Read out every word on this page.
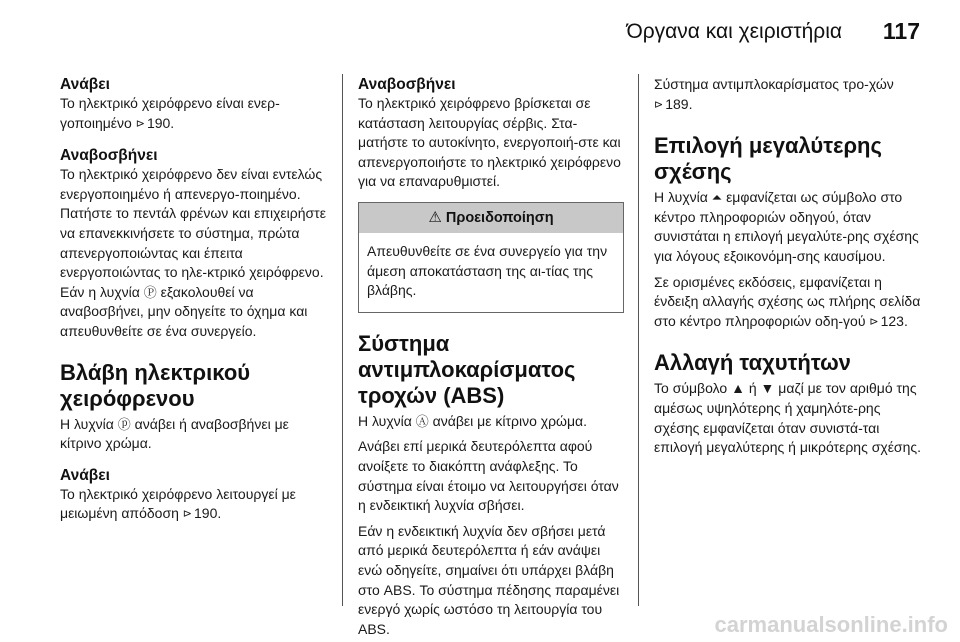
Όργανα και χειριστήρια 117

Ανάβει

Το ηλεκτρικό χειρόφρενο είναι ενερ-γοποιημένο ⊳ 190.

Αναβοσβήνει

Το ηλεκτρικό χειρόφρενο δεν είναι εντελώς ενεργοποιημένο ή απενεργο-ποιημένο. Πατήστε το πεντάλ φρένων και επιχειρήστε να επανεκκινήσετε το σύστημα, πρώτα απενεργοποιώντας και έπειτα ενεργοποιώντας το ηλε-κτρικό χειρόφρενο. Εάν η λυχνία Ⓟ εξακολουθεί να αναβοσβήνει, μην οδηγείτε το όχημα και απευθυνθείτε σε ένα συνεργείο.

Βλάβη ηλεκτρικού χειρόφρενου

Η λυχνία ⓟ ανάβει ή αναβοσβήνει με κίτρινο χρώμα.

Ανάβει

Το ηλεκτρικό χειρόφρενο λειτουργεί με μειωμένη απόδοση ⊳ 190.

Αναβοσβήνει

Το ηλεκτρικό χειρόφρενο βρίσκεται σε κατάσταση λειτουργίας σέρβις. Στα-ματήστε το αυτοκίνητο, ενεργοποιή-στε και απενεργοποιήστε το ηλεκτρικό χειρόφρενο για να επαναρυθμιστεί.

⚠ Προειδοποίηση

Απευθυνθείτε σε ένα συνεργείο για την άμεση αποκατάσταση της αι-τίας της βλάβης.

Σύστημα αντιμπλοκαρίσματος τροχών (ABS)

Η λυχνία Ⓐ ανάβει με κίτρινο χρώμα.

Ανάβει επί μερικά δευτερόλεπτα αφού ανοίξετε το διακόπτη ανάφλεξης. Το σύστημα είναι έτοιμο να λειτουργήσει όταν η ενδεικτική λυχνία σβήσει.

Εάν η ενδεικτική λυχνία δεν σβήσει μετά από μερικά δευτερόλεπτα ή εάν ανάψει ενώ οδηγείτε, σημαίνει ότι υπάρχει βλάβη στο ABS. Το σύστημα πέδησης παραμένει ενεργό χωρίς ωστόσο τη λειτουργία του ABS.

Σύστημα αντιμπλοκαρίσματος τρο-χών ⊳ 189.

Επιλογή μεγαλύτερης σχέσης

Η λυχνία ⏶ εμφανίζεται ως σύμβολο στο κέντρο πληροφοριών οδηγού, όταν συνιστάται η επιλογή μεγαλύτε-ρης σχέσης για λόγους εξοικονόμη-σης καυσίμου.

Σε ορισμένες εκδόσεις, εμφανίζεται η ένδειξη αλλαγής σχέσης ως πλήρης σελίδα στο κέντρο πληροφοριών οδη-γού ⊳ 123.

Αλλαγή ταχυτήτων

Το σύμβολο ▲ ή ▼ μαζί με τον αριθμό της αμέσως υψηλότερης ή χαμηλότε-ρης σχέσης εμφανίζεται όταν συνιστά-ται επιλογή μεγαλύτερης ή μικρότερης σχέσης.

carmanualsonline.info
